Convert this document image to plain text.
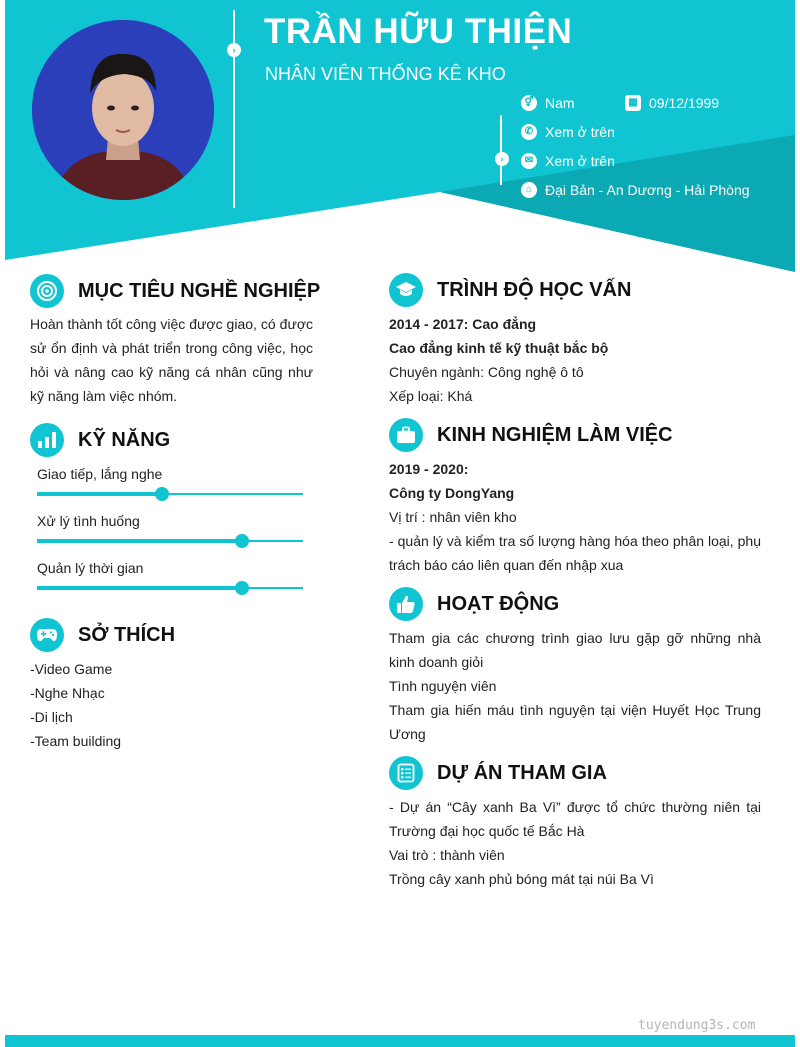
› TRẦN HỮU THIỆN
NHÂN VIÊN THỐNG KÊ KHO
›
⚥ Nam	▦ 09/12/1999
✆ Xem ở trên
✉ Xem ở trên
⌂ Đại Bản - An Dương - Hải Phòng
MỤC TIÊU NGHỀ NGHIỆP
Hoàn thành tốt công việc được giao, có được sử ổn định và phát triển trong công việc, học hỏi và nâng cao kỹ năng cá nhân cũng như kỹ năng làm việc nhóm.
KỸ NĂNG
Giao tiếp, lắng nghe
Xử lý tình huống
Quản lý thời gian
SỞ THÍCH

-Video Game

-Nghe Nhạc

-Di lịch

-Team building

TRÌNH ĐỘ HỌC VẤN

2014 - 2017: Cao đẳng

Cao đẳng kinh tế kỹ thuật bắc bộ

Chuyên ngành: Công nghệ ô tô

Xếp loại: Khá

KINH NGHIỆM LÀM VIỆC

2019 - 2020:

Công ty DongYang

Vị trí : nhân viên kho

- quản lý và kiểm tra số lượng hàng hóa theo phân loại, phụ trách báo cáo liên quan đến nhập xua

HOẠT ĐỘNG

Tham gia các chương trình giao lưu gặp gỡ những nhà kinh doanh giỏi

Tình nguyện viên

Tham gia hiến máu tình nguyện tại viện Huyết Học Trung Ương

DỰ ÁN THAM GIA

- Dự án “Cây xanh Ba Vì” được tổ chức thường niên tại Trường đại học quốc tế Bắc Hà

Vai trò : thành viên

Trồng cây xanh phủ bóng mát tại núi Ba Vì

tuyendung3s.com
